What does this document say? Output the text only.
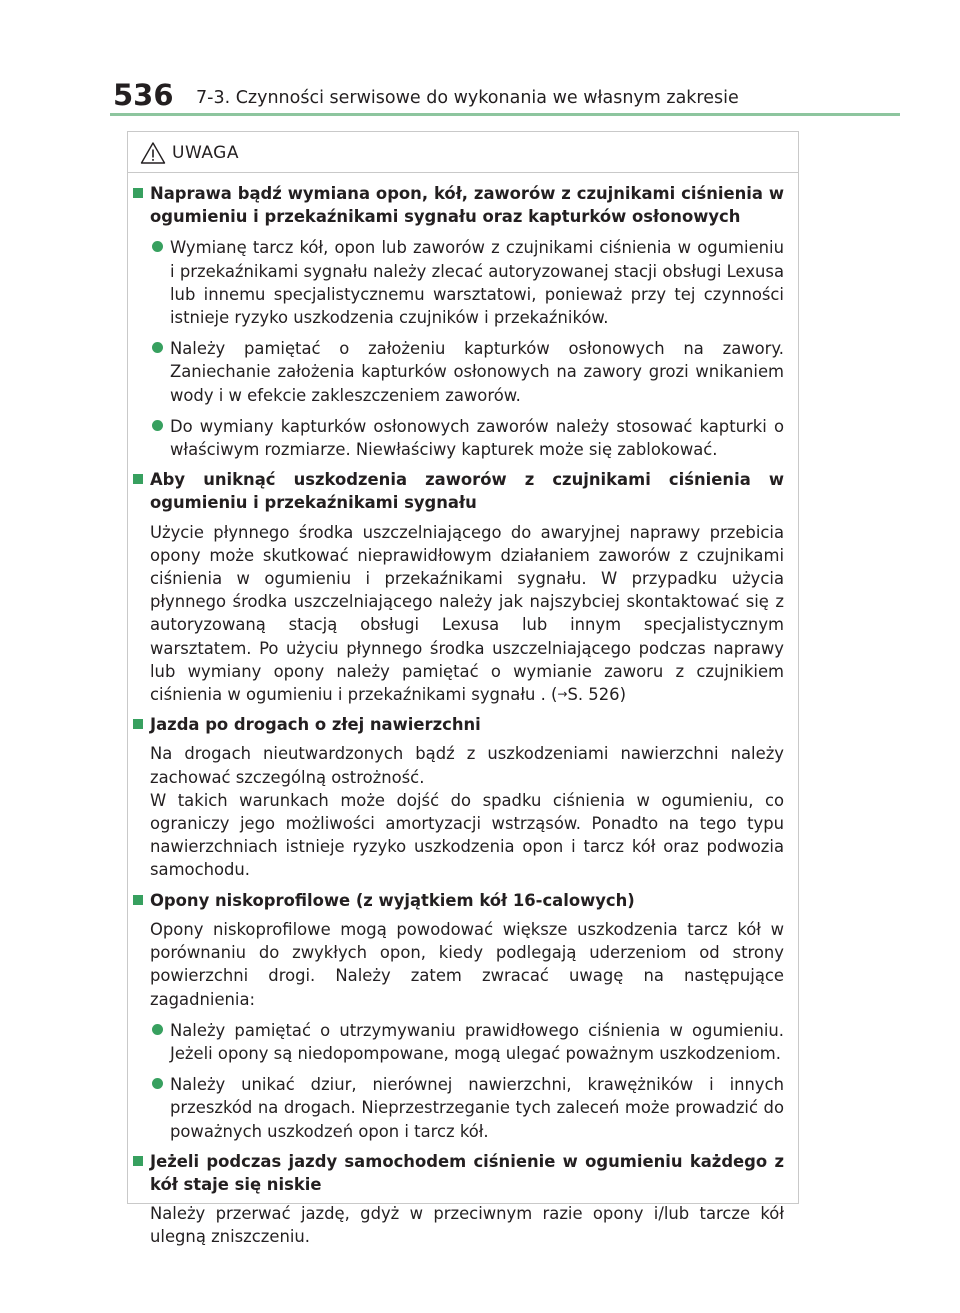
536 7-3. Czynności serwisowe do wykonania we własnym zakresie
UWAGA
Naprawa bądź wymiana opon, kół, zaworów z czujnikami ciśnienia w ogumieniu i przekaźnikami sygnału oraz kapturków osłonowych
Wymianę tarcz kół, opon lub zaworów z czujnikami ciśnienia w ogumieniu i przekaźnikami sygnału należy zlecać autoryzowanej stacji obsługi Lexusa lub innemu specjalistycznemu warsztatowi, ponieważ przy tej czynności istnieje ryzyko uszkodzenia czujników i przekaźników.
Należy pamiętać o założeniu kapturków osłonowych na zawory. Zaniechanie założenia kapturków osłonowych na zawory grozi wnikaniem wody i w efekcie zakleszczeniem zaworów.
Do wymiany kapturków osłonowych zaworów należy stosować kapturki o właściwym rozmiarze. Niewłaściwy kapturek może się zablokować.
Aby uniknąć uszkodzenia zaworów z czujnikami ciśnienia w ogumieniu i przekaźnikami sygnału
Użycie płynnego środka uszczelniającego do awaryjnej naprawy przebicia opony może skutkować nieprawidłowym działaniem zaworów z czujnikami ciśnienia w ogumieniu i przekaźnikami sygnału. W przypadku użycia płynnego środka uszczelniającego należy jak najszybciej skontaktować się z autoryzowaną stacją obsługi Lexusa lub innym specjalistycznym warsztatem. Po użyciu płynnego środka uszczelniającego podczas naprawy lub wymiany opony należy pamiętać o wymianie zaworu z czujnikiem ciśnienia w ogumieniu i przekaźnikami sygnału . (→S. 526)
Jazda po drogach o złej nawierzchni
Na drogach nieutwardzonych bądź z uszkodzeniami nawierzchni należy zachować szczególną ostrożność.
W takich warunkach może dojść do spadku ciśnienia w ogumieniu, co ograniczy jego możliwości amortyzacji wstrząsów. Ponadto na tego typu nawierzchniach istnieje ryzyko uszkodzenia opon i tarcz kół oraz podwozia samochodu.
Opony niskoprofilowe (z wyjątkiem kół 16-calowych)
Opony niskoprofilowe mogą powodować większe uszkodzenia tarcz kół w porównaniu do zwykłych opon, kiedy podlegają uderzeniom od strony powierzchni drogi. Należy zatem zwracać uwagę na następujące zagadnienia:
Należy pamiętać o utrzymywaniu prawidłowego ciśnienia w ogumieniu. Jeżeli opony są niedopompowane, mogą ulegać poważnym uszkodzeniom.
Należy unikać dziur, nierównej nawierzchni, krawężników i innych przeszkód na drogach. Nieprzestrzeganie tych zaleceń może prowadzić do poważnych uszkodzeń opon i tarcz kół.
Jeżeli podczas jazdy samochodem ciśnienie w ogumieniu każdego z kół staje się niskie
Należy przerwać jazdę, gdyż w przeciwnym razie opony i/lub tarcze kół ulegną zniszczeniu.
